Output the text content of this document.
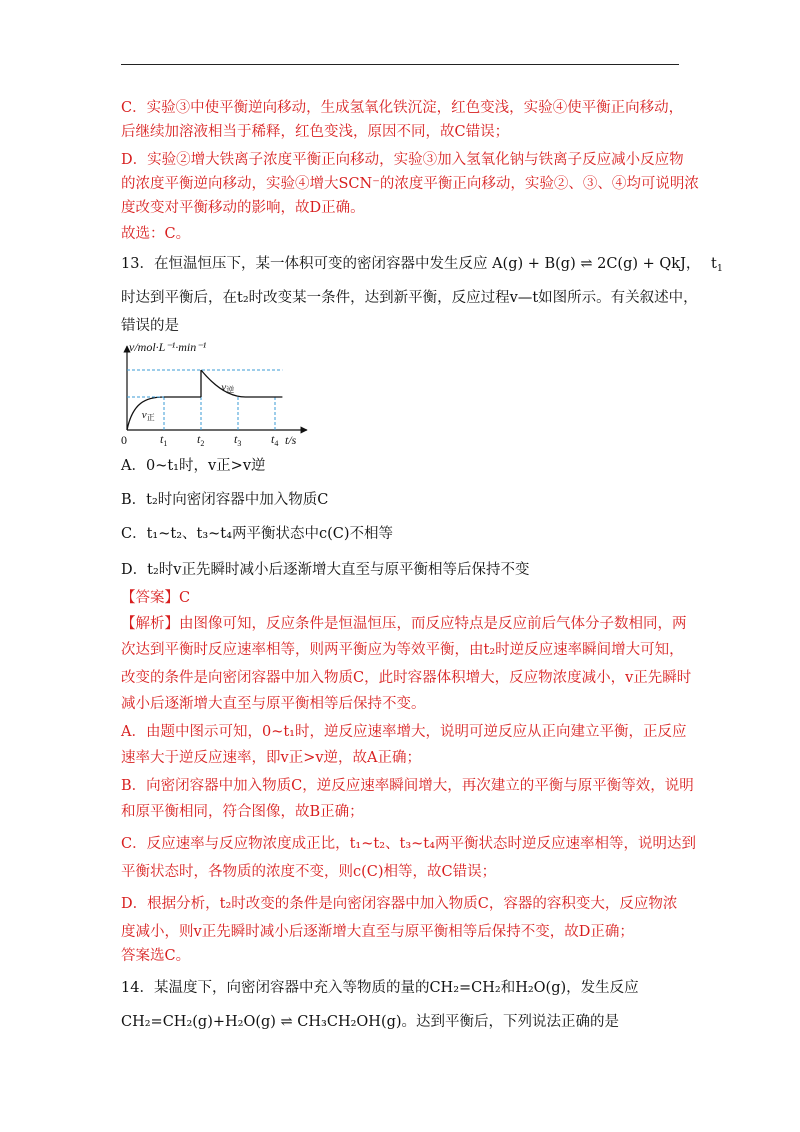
C．实验③中使平衡逆向移动，生成氢氧化铁沉淀，红色变浅，实验④使平衡正向移动，
后继续加溶液相当于稀释，红色变浅，原因不同，故C错误；
D．实验②增大铁离子浓度平衡正向移动，实验③加入氢氧化钠与铁离子反应减小反应物
的浓度平衡逆向移动，实验④增大SCN⁻的浓度平衡正向移动，实验②、③、④均可说明浓
度改变对平衡移动的影响，故D正确。
故选：C。
13．在恒温恒压下，某一体积可变的密闭容器中发生反应 A(g) + B(g) ⇌ 2C(g) + QkJ， $t_1$
时达到平衡后，在t₂时改变某一条件，达到新平衡，反应过程v—t如图所示。有关叙述中，
错误的是
$t_1$ $t_2$ $t_3$ $t_4$
v逆
v正
v/mol·L⁻¹·min⁻¹
t/s
0
A．0~t₁时，v正>v逆
B．t₂时向密闭容器中加入物质C
C．t₁~t₂、t₃~t₄两平衡状态中c(C)不相等
D．t₂时v正先瞬时减小后逐渐增大直至与原平衡相等后保持不变
【答案】C
【解析】由图像可知，反应条件是恒温恒压，而反应特点是反应前后气体分子数相同，两
次达到平衡时反应速率相等，则两平衡应为等效平衡，由t₂时逆反应速率瞬间增大可知，
改变的条件是向密闭容器中加入物质C，此时容器体积增大，反应物浓度减小，v正先瞬时
减小后逐渐增大直至与原平衡相等后保持不变。
A．由题中图示可知，0~t₁时，逆反应速率增大，说明可逆反应从正向建立平衡，正反应
速率大于逆反应速率，即v正>v逆，故A正确；
B．向密闭容器中加入物质C，逆反应速率瞬间增大，再次建立的平衡与原平衡等效，说明
和原平衡相同，符合图像，故B正确；
C．反应速率与反应物浓度成正比，t₁~t₂、t₃~t₄两平衡状态时逆反应速率相等，说明达到
平衡状态时，各物质的浓度不变，则c(C)相等，故C错误；
D．根据分析，t₂时改变的条件是向密闭容器中加入物质C，容器的容积变大，反应物浓
度减小，则v正先瞬时减小后逐渐增大直至与原平衡相等后保持不变，故D正确；
答案选C。
14．某温度下，向密闭容器中充入等物质的量的CH₂=CH₂和H₂O(g)，发生反应
CH₂=CH₂(g)+H₂O(g) ⇌ CH₃CH₂OH(g)。达到平衡后，下列说法正确的是
